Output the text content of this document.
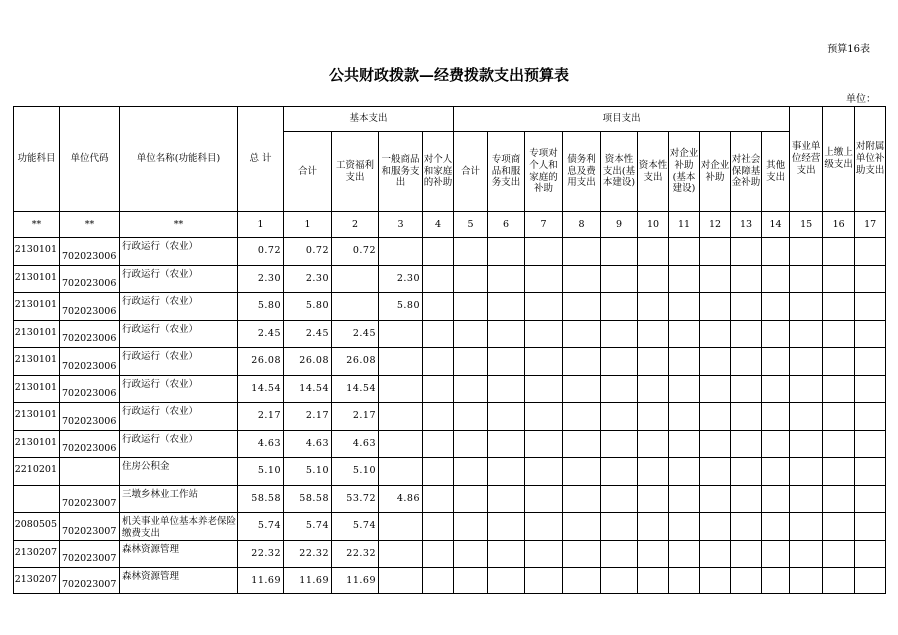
预算16表
公共财政拨款—经费拨款支出预算表
单位：
功能科目	单位代码	单位名称(功能科目)	总 计	基本支出				项目支出										事业单位经营支出	上缴上级支出	对附属单位补助支出
				合计	工资福利支出	一般商品和服务支出	对个人和家庭的补助	合计	专项商品和服务支出	专项对个人和家庭的补助	债务利息及费用支出	资本性支出(基本建设)	资本性支出	对企业补助(基本建设)	对企业补助	对社会保障基金补助	其他支出			
**	**	**	1	1	2	3	4	5	6	7	8	9	10	11	12	13	14	15	16	17
2130101	702023006	行政运行（农业）	0.72	0.72	0.72															
2130101	702023006	行政运行（农业）	2.30	2.30		2.30														
2130101	702023006	行政运行（农业）	5.80	5.80		5.80														
2130101	702023006	行政运行（农业）	2.45	2.45	2.45															
2130101	702023006	行政运行（农业）	26.08	26.08	26.08															
2130101	702023006	行政运行（农业）	14.54	14.54	14.54															
2130101	702023006	行政运行（农业）	2.17	2.17	2.17															
2130101	702023006	行政运行（农业）	4.63	4.63	4.63															
2210201		住房公积金	5.10	5.10	5.10															
	702023007	三墩乡林业工作站	58.58	58.58	53.72	4.86														
2080505	702023007	机关事业单位基本养老保险缴费支出	5.74	5.74	5.74															
2130207	702023007	森林资源管理	22.32	22.32	22.32															
2130207	702023007	森林资源管理	11.69	11.69	11.69															
